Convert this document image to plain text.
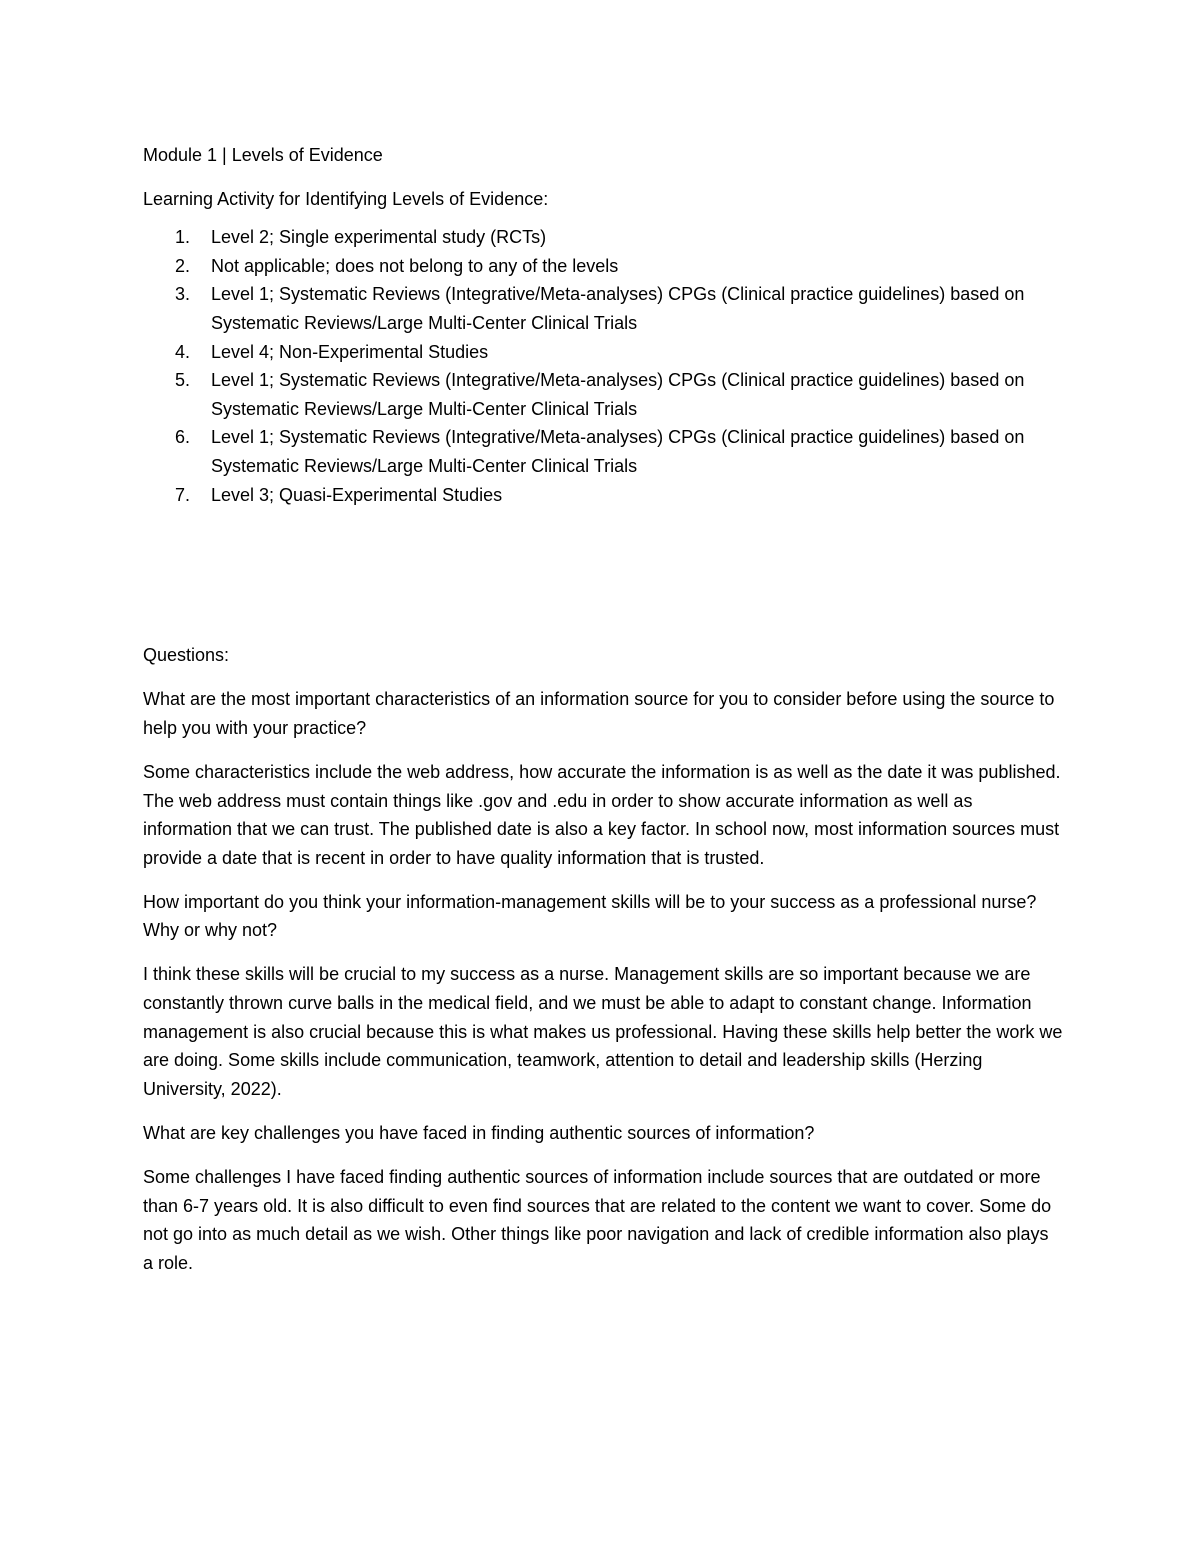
Module 1 | Levels of Evidence

Learning Activity for Identifying Levels of Evidence:

1. Level 2; Single experimental study (RCTs)
2. Not applicable; does not belong to any of the levels
3. Level 1; Systematic Reviews (Integrative/Meta-analyses) CPGs (Clinical practice guidelines) based on Systematic Reviews/Large Multi-Center Clinical Trials
4. Level 4; Non-Experimental Studies
5. Level 1; Systematic Reviews (Integrative/Meta-analyses) CPGs (Clinical practice guidelines) based on Systematic Reviews/Large Multi-Center Clinical Trials
6. Level 1; Systematic Reviews (Integrative/Meta-analyses) CPGs (Clinical practice guidelines) based on Systematic Reviews/Large Multi-Center Clinical Trials
7. Level 3; Quasi-Experimental Studies

Questions:

What are the most important characteristics of an information source for you to consider before using the source to help you with your practice?

Some characteristics include the web address, how accurate the information is as well as the date it was published. The web address must contain things like .gov and .edu in order to show accurate information as well as information that we can trust. The published date is also a key factor. In school now, most information sources must provide a date that is recent in order to have quality information that is trusted.

How important do you think your information-management skills will be to your success as a professional nurse? Why or why not?

I think these skills will be crucial to my success as a nurse. Management skills are so important because we are constantly thrown curve balls in the medical field, and we must be able to adapt to constant change. Information management is also crucial because this is what makes us professional. Having these skills help better the work we are doing. Some skills include communication, teamwork, attention to detail and leadership skills (Herzing University, 2022).

What are key challenges you have faced in finding authentic sources of information?

Some challenges I have faced finding authentic sources of information include sources that are outdated or more than 6-7 years old. It is also difficult to even find sources that are related to the content we want to cover. Some do not go into as much detail as we wish. Other things like poor navigation and lack of credible information also plays a role.
